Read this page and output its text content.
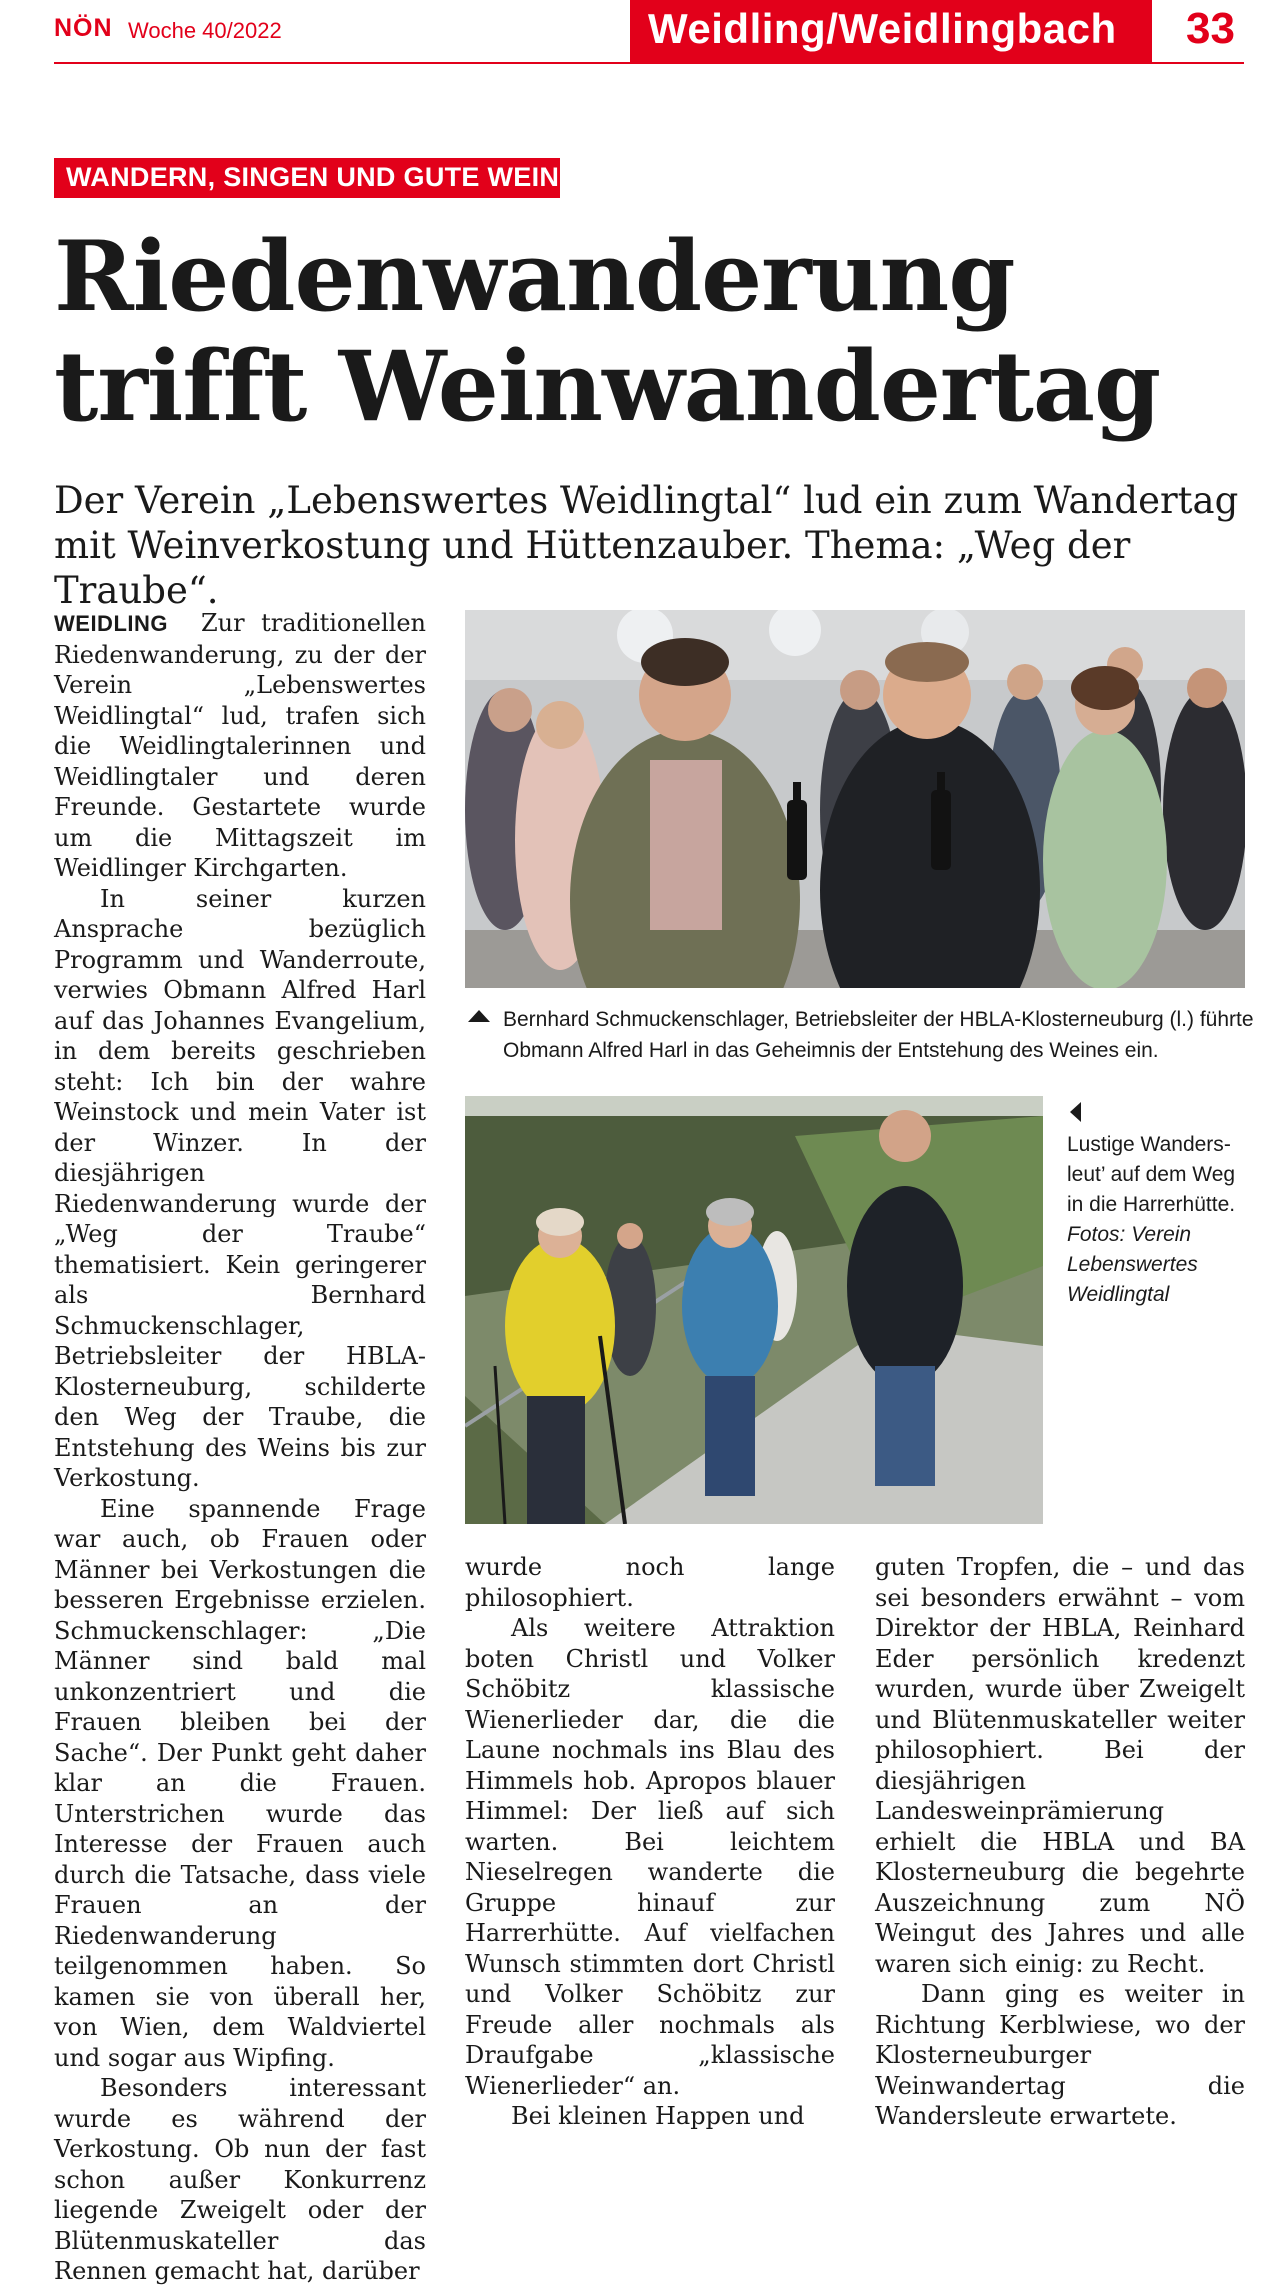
NÖN Woche 40/2022	Weidling/Weidlingbach 33
WANDERN, SINGEN UND GUTE WEINE
Riedenwanderung
trifft Weinwandertag
Der Verein „Lebenswertes Weidlingtal“ lud ein zum Wandertag mit Weinverkostung und Hüttenzauber. Thema: „Weg der Traube“.

WEIDLING Zur traditionellen Riedenwanderung, zu der der Verein „Lebenswertes Weidlingtal“ lud, trafen sich die Weidlingtalerinnen und Weidlingtaler und deren Freunde. Gestartete wurde um die Mittagszeit im Weidlinger Kirchgarten.

In seiner kurzen Ansprache bezüglich Programm und Wanderroute, verwies Obmann Alfred Harl auf das Johannes Evangelium, in dem bereits geschrieben steht: Ich bin der wahre Weinstock und mein Vater ist der Winzer. In der diesjährigen Riedenwanderung wurde der „Weg der Traube“ thematisiert. Kein geringerer als Bernhard Schmuckenschlager, Betriebsleiter der HBLA-Klosterneuburg, schilderte den Weg der Traube, die Entstehung des Weins bis zur Verkostung.

Eine spannende Frage war auch, ob Frauen oder Männer bei Verkostungen die besseren Ergebnisse erzielen. Schmuckenschlager: „Die Männer sind bald mal unkonzentriert und die Frauen bleiben bei der Sache“. Der Punkt geht daher klar an die Frauen. Unterstrichen wurde das Interesse der Frauen auch durch die Tatsache, dass viele Frauen an der Riedenwanderung teilgenommen haben. So kamen sie von überall her, von Wien, dem Waldviertel und sogar aus Wipfing.

Besonders interessant wurde es während der Verkostung. Ob nun der fast schon außer Konkurrenz liegende Zweigelt oder der Blütenmuskateller das Rennen gemacht hat, darüber

Bernhard Schmuckenschlager, Betriebsleiter der HBLA-Klosterneuburg (l.) führte Obmann Alfred Harl in das Geheimnis der Entstehung des Weines ein.
Lustige Wandersleut’ auf dem Weg in die Harrerhütte. Fotos: Verein Lebenswertes Weidlingtal

wurde noch lange philosophiert.

Als weitere Attraktion boten Christl und Volker Schöbitz klassische Wienerlieder dar, die die Laune nochmals ins Blau des Himmels hob. Apropos blauer Himmel: Der ließ auf sich warten. Bei leichtem Nieselregen wanderte die Gruppe hinauf zur Harrerhütte. Auf vielfachen Wunsch stimmten dort Christl und Volker Schöbitz zur Freude aller nochmals als Draufgabe „klassische Wienerlieder“ an.

Bei kleinen Happen und

guten Tropfen, die – und das sei besonders erwähnt – vom Direktor der HBLA, Reinhard Eder persönlich kredenzt wurden, wurde über Zweigelt und Blütenmuskateller weiter philosophiert. Bei der diesjährigen Landesweinprämierung erhielt die HBLA und BA Klosterneuburg die begehrte Auszeichnung zum NÖ Weingut des Jahres und alle waren sich einig: zu Recht.

Dann ging es weiter in Richtung Kerblwiese, wo der Klosterneuburger Weinwandertag die Wandersleute erwartete.
